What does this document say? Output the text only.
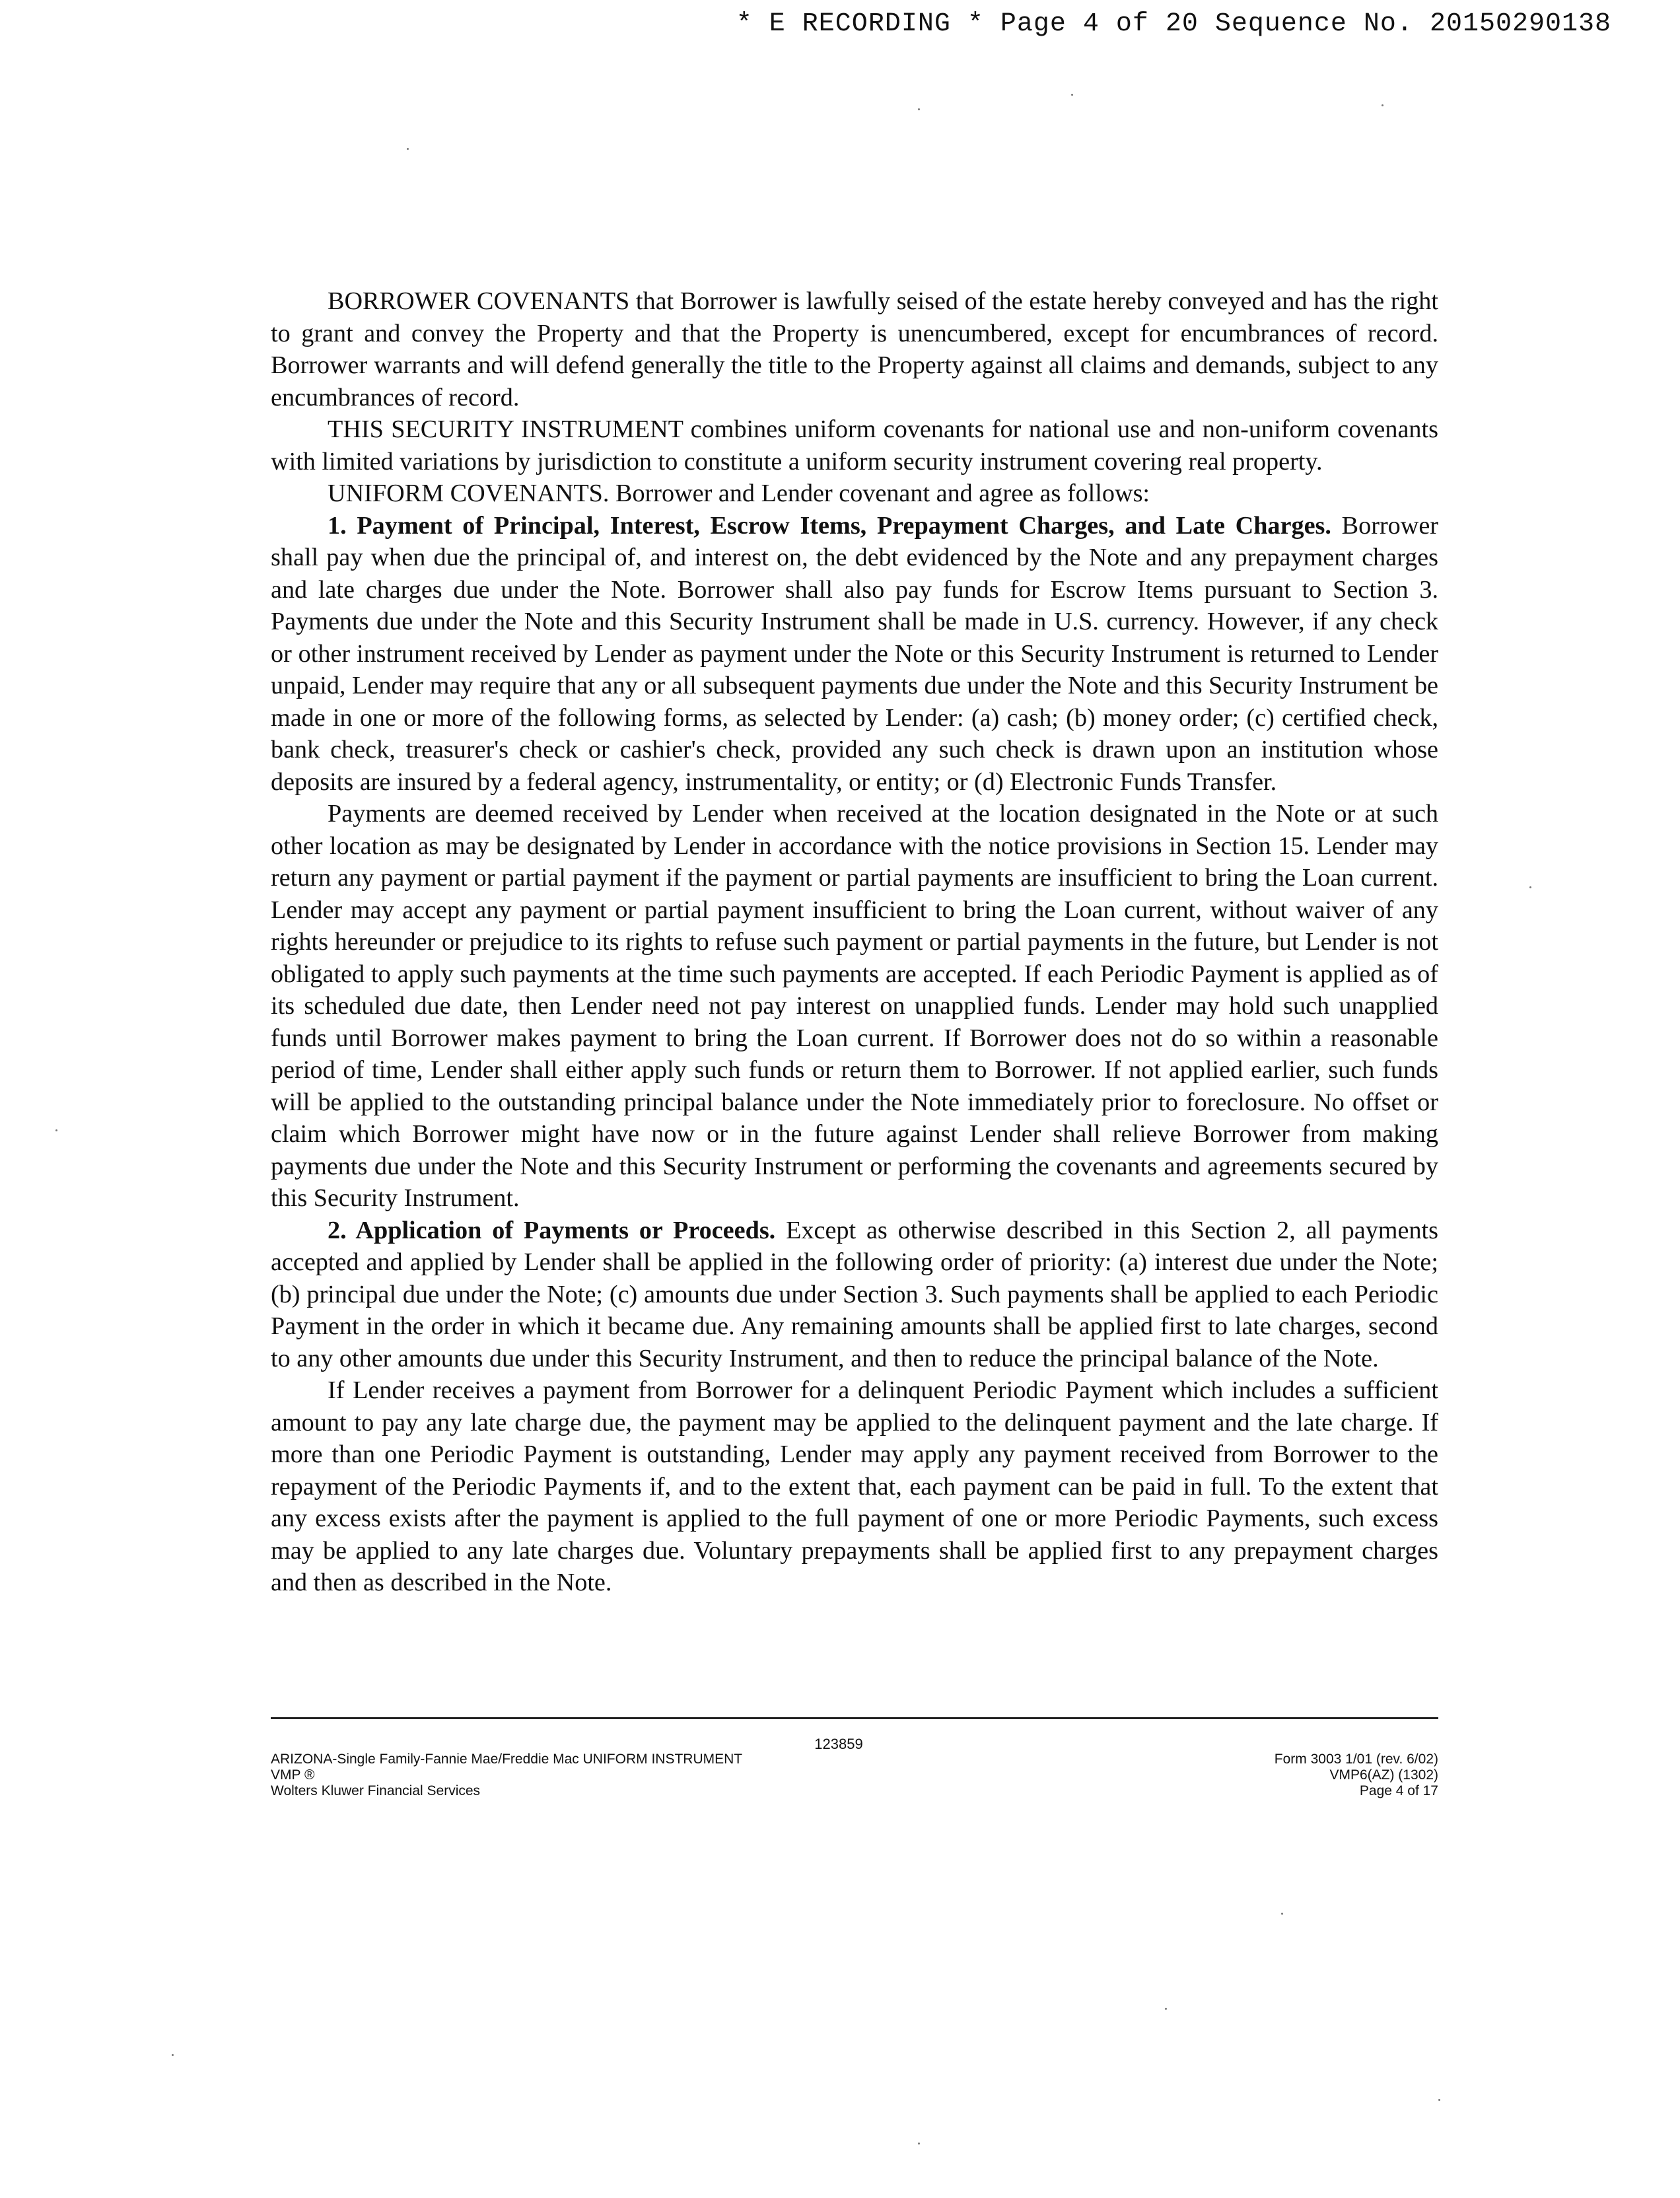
* E RECORDING * Page 4 of 20 Sequence No. 20150290138

BORROWER COVENANTS that Borrower is lawfully seised of the estate hereby conveyed and has the right to grant and convey the Property and that the Property is unencumbered, except for encumbrances of record. Borrower warrants and will defend generally the title to the Property against all claims and demands, subject to any encumbrances of record.

THIS SECURITY INSTRUMENT combines uniform covenants for national use and non-uniform covenants with limited variations by jurisdiction to constitute a uniform security instrument covering real property.

UNIFORM COVENANTS. Borrower and Lender covenant and agree as follows:

1. Payment of Principal, Interest, Escrow Items, Prepayment Charges, and Late Charges. Borrower shall pay when due the principal of, and interest on, the debt evidenced by the Note and any prepayment charges and late charges due under the Note. Borrower shall also pay funds for Escrow Items pursuant to Section 3. Payments due under the Note and this Security Instrument shall be made in U.S. currency. However, if any check or other instrument received by Lender as payment under the Note or this Security Instrument is returned to Lender unpaid, Lender may require that any or all subsequent payments due under the Note and this Security Instrument be made in one or more of the following forms, as selected by Lender: (a) cash; (b) money order; (c) certified check, bank check, treasurer's check or cashier's check, provided any such check is drawn upon an institution whose deposits are insured by a federal agency, instrumentality, or entity; or (d) Electronic Funds Transfer.

Payments are deemed received by Lender when received at the location designated in the Note or at such other location as may be designated by Lender in accordance with the notice provisions in Section 15. Lender may return any payment or partial payment if the payment or partial payments are insufficient to bring the Loan current. Lender may accept any payment or partial payment insufficient to bring the Loan current, without waiver of any rights hereunder or prejudice to its rights to refuse such payment or partial payments in the future, but Lender is not obligated to apply such payments at the time such payments are accepted. If each Periodic Payment is applied as of its scheduled due date, then Lender need not pay interest on unapplied funds. Lender may hold such unapplied funds until Borrower makes payment to bring the Loan current. If Borrower does not do so within a reasonable period of time, Lender shall either apply such funds or return them to Borrower. If not applied earlier, such funds will be applied to the outstanding principal balance under the Note immediately prior to foreclosure. No offset or claim which Borrower might have now or in the future against Lender shall relieve Borrower from making payments due under the Note and this Security Instrument or performing the covenants and agreements secured by this Security Instrument.

2. Application of Payments or Proceeds. Except as otherwise described in this Section 2, all payments accepted and applied by Lender shall be applied in the following order of priority: (a) interest due under the Note; (b) principal due under the Note; (c) amounts due under Section 3. Such payments shall be applied to each Periodic Payment in the order in which it became due. Any remaining amounts shall be applied first to late charges, second to any other amounts due under this Security Instrument, and then to reduce the principal balance of the Note.

If Lender receives a payment from Borrower for a delinquent Periodic Payment which includes a sufficient amount to pay any late charge due, the payment may be applied to the delinquent payment and the late charge. If more than one Periodic Payment is outstanding, Lender may apply any payment received from Borrower to the repayment of the Periodic Payments if, and to the extent that, each payment can be paid in full. To the extent that any excess exists after the payment is applied to the full payment of one or more Periodic Payments, such excess may be applied to any late charges due. Voluntary prepayments shall be applied first to any prepayment charges and then as described in the Note.

123859
ARIZONA-Single Family-Fannie Mae/Freddie Mac UNIFORM INSTRUMENT
VMP ®
Wolters Kluwer Financial Services
Form 3003 1/01 (rev. 6/02)
VMP6(AZ) (1302)
Page 4 of 17
